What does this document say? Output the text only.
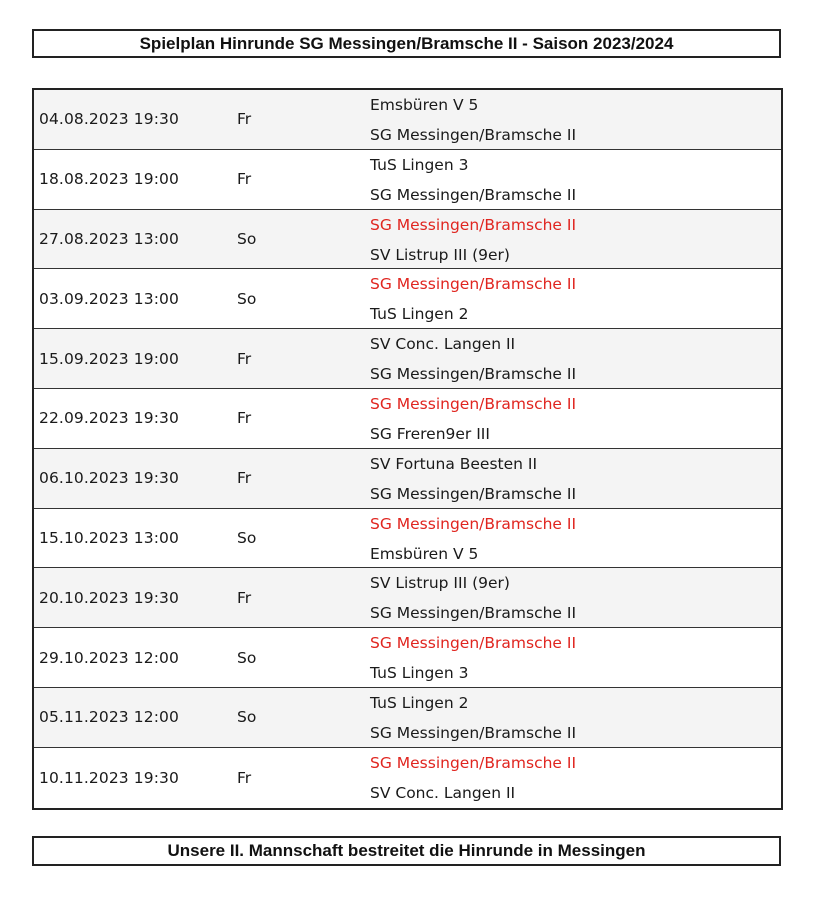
Spielplan Hinrunde SG Messingen/Bramsche II - Saison 2023/2024
04.08.2023 19:30	Fr
Emsbüren V 5
SG Messingen/Bramsche II
18.08.2023 19:00	Fr
TuS Lingen 3
SG Messingen/Bramsche II
27.08.2023 13:00	So
SG Messingen/Bramsche II
SV Listrup III (9er)
03.09.2023 13:00	So
SG Messingen/Bramsche II
TuS Lingen 2
15.09.2023 19:00	Fr
SV Conc. Langen II
SG Messingen/Bramsche II
22.09.2023 19:30	Fr
SG Messingen/Bramsche II
SG Freren9er III
06.10.2023 19:30	Fr
SV Fortuna Beesten II
SG Messingen/Bramsche II
15.10.2023 13:00	So
SG Messingen/Bramsche II
Emsbüren V 5
20.10.2023 19:30	Fr
SV Listrup III (9er)
SG Messingen/Bramsche II
29.10.2023 12:00	So
SG Messingen/Bramsche II
TuS Lingen 3
05.11.2023 12:00	So
TuS Lingen 2
SG Messingen/Bramsche II
10.11.2023 19:30	Fr
SG Messingen/Bramsche II
SV Conc. Langen II
Unsere II. Mannschaft bestreitet die Hinrunde in Messingen
